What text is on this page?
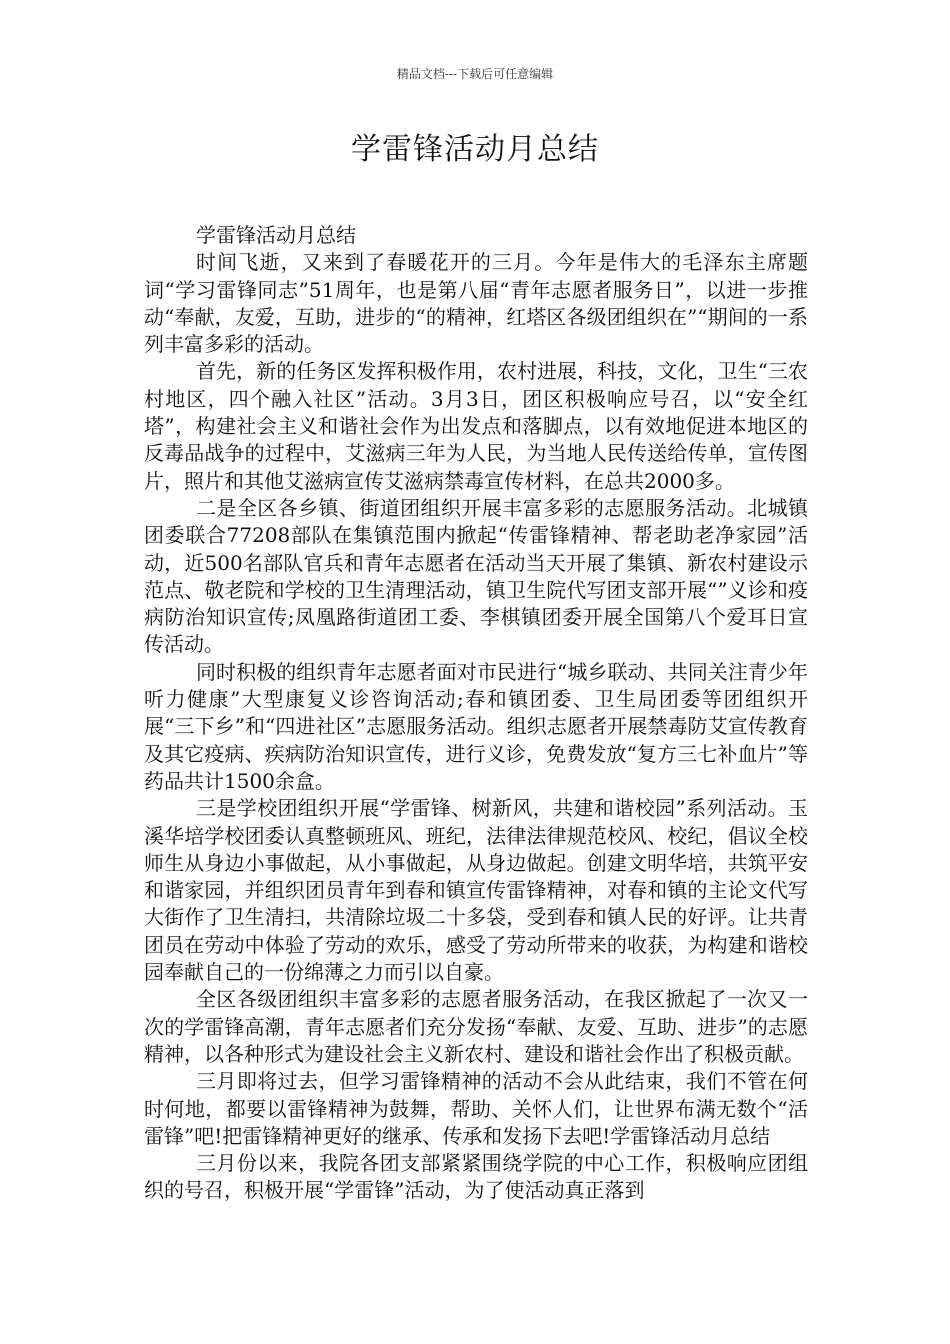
精品文档---下载后可任意编辑
学雷锋活动月总结

学雷锋活动月总结

时间飞逝，又来到了春暖花开的三月。今年是伟大的毛泽东主席题词“学习雷锋同志”51周年，也是第八届“青年志愿者服务日”，以进一步推动“奉献，友爱，互助，进步的“的精神，红塔区各级团组织在”“期间的一系列丰富多彩的活动。

首先，新的任务区发挥积极作用，农村进展，科技，文化，卫生“三农村地区，四个融入社区”活动。3月3日，团区积极响应号召，以“安全红塔”，构建社会主义和谐社会作为出发点和落脚点，以有效地促进本地区的反毒品战争的过程中，艾滋病三年为人民，为当地人民传送给传单，宣传图片，照片和其他艾滋病宣传艾滋病禁毒宣传材料，在总共2000多。

二是全区各乡镇、街道团组织开展丰富多彩的志愿服务活动。北城镇团委联合77208部队在集镇范围内掀起“传雷锋精神、帮老助老净家园”活动，近500名部队官兵和青年志愿者在活动当天开展了集镇、新农村建设示范点、敬老院和学校的卫生清理活动，镇卫生院代写团支部开展“”义诊和疫病防治知识宣传;凤凰路街道团工委、李棋镇团委开展全国第八个爱耳日宣传活动。

同时积极的组织青年志愿者面对市民进行“城乡联动、共同关注青少年听力健康”大型康复义诊咨询活动;春和镇团委、卫生局团委等团组织开展“三下乡”和“四进社区”志愿服务活动。组织志愿者开展禁毒防艾宣传教育及其它疫病、疾病防治知识宣传，进行义诊，免费发放“复方三七补血片”等药品共计1500余盒。

三是学校团组织开展“学雷锋、树新风，共建和谐校园”系列活动。玉溪华培学校团委认真整顿班风、班纪，法律法律规范校风、校纪，倡议全校师生从身边小事做起，从小事做起，从身边做起。创建文明华培，共筑平安和谐家园，并组织团员青年到春和镇宣传雷锋精神，对春和镇的主论文代写大街作了卫生清扫，共清除垃圾二十多袋，受到春和镇人民的好评。让共青团员在劳动中体验了劳动的欢乐，感受了劳动所带来的收获，为构建和谐校园奉献自己的一份绵薄之力而引以自豪。

全区各级团组织丰富多彩的志愿者服务活动，在我区掀起了一次又一次的学雷锋高潮，青年志愿者们充分发扬“奉献、友爱、互助、进步”的志愿精神，以各种形式为建设社会主义新农村、建设和谐社会作出了积极贡献。

三月即将过去，但学习雷锋精神的活动不会从此结束，我们不管在何时何地，都要以雷锋精神为鼓舞，帮助、关怀人们，让世界布满无数个“活雷锋”吧!把雷锋精神更好的继承、传承和发扬下去吧!学雷锋活动月总结

三月份以来，我院各团支部紧紧围绕学院的中心工作，积极响应团组织的号召，积极开展“学雷锋”活动，为了使活动真正落到
